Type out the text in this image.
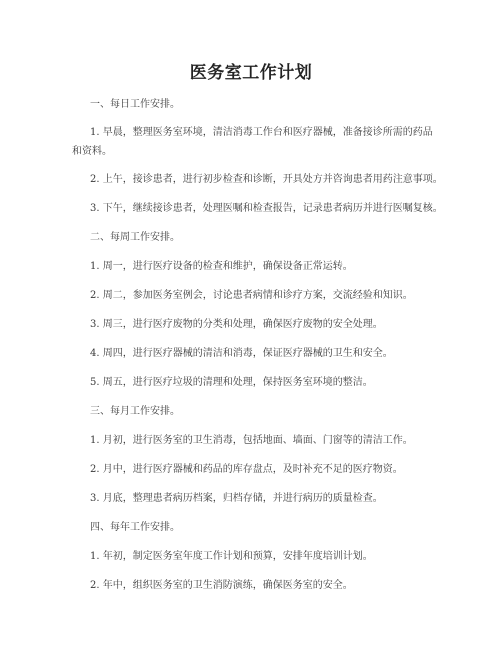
医务室工作计划
一、每日工作安排。
1. 早晨，整理医务室环境，清洁消毒工作台和医疗器械，准备接诊所需的药品
和资料。
2. 上午，接诊患者，进行初步检查和诊断，开具处方并咨询患者用药注意事项。
3. 下午，继续接诊患者，处理医嘱和检查报告，记录患者病历并进行医嘱复核。
二、每周工作安排。
1. 周一，进行医疗设备的检查和维护，确保设备正常运转。
2. 周二，参加医务室例会，讨论患者病情和诊疗方案，交流经验和知识。
3. 周三，进行医疗废物的分类和处理，确保医疗废物的安全处理。
4. 周四，进行医疗器械的清洁和消毒，保证医疗器械的卫生和安全。
5. 周五，进行医疗垃圾的清理和处理，保持医务室环境的整洁。
三、每月工作安排。
1. 月初，进行医务室的卫生消毒，包括地面、墙面、门窗等的清洁工作。
2. 月中，进行医疗器械和药品的库存盘点，及时补充不足的医疗物资。
3. 月底，整理患者病历档案，归档存储，并进行病历的质量检查。
四、每年工作安排。
1. 年初，制定医务室年度工作计划和预算，安排年度培训计划。
2. 年中，组织医务室的卫生消防演练，确保医务室的安全。
